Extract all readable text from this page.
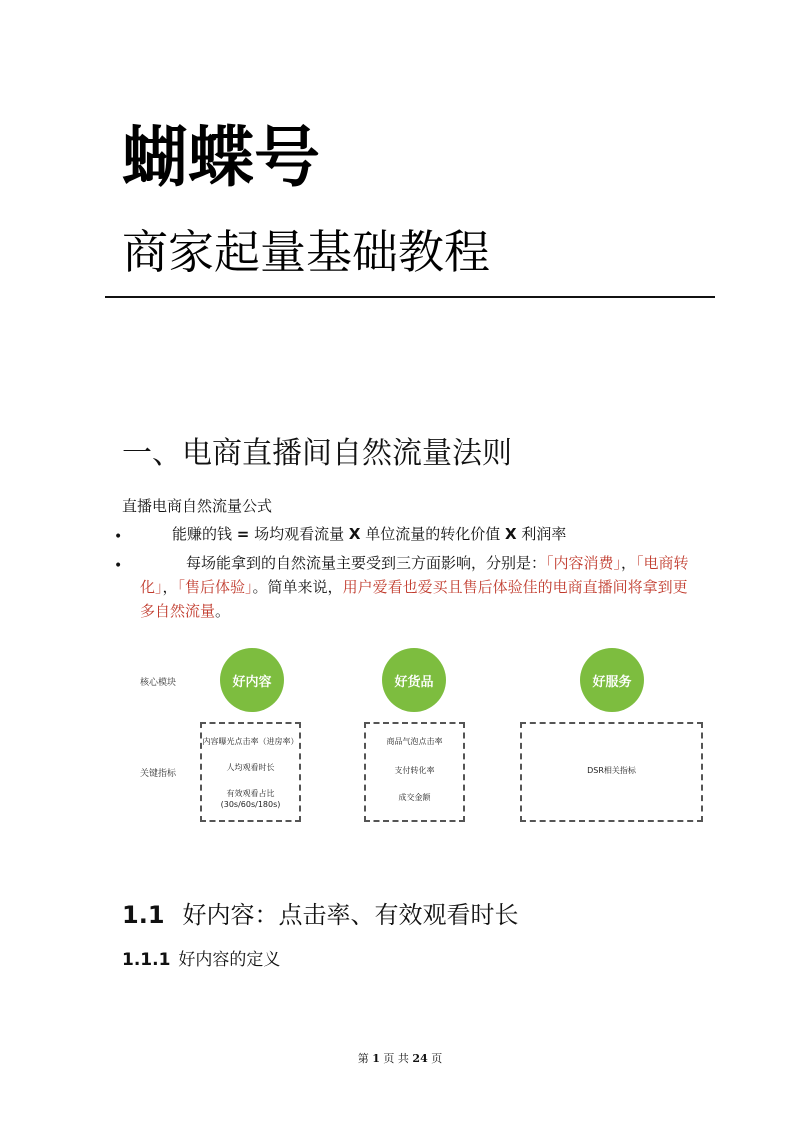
蝴蝶号
商家起量基础教程
一、电商直播间自然流量法则
直播电商自然流量公式
•	能赚的钱 = 场均观看流量 X 单位流量的转化价值 X 利润率
•	每场能拿到的自然流量主要受到三方面影响，分别是：「内容消费」，「电商转化」，「售后体验」。简单来说，用户爱看也爱买且售后体验佳的电商直播间将拿到更多自然流量。
核心模块
关键指标
好内容	好货品	好服务
内容曝光点击率（进房率）
人均观看时长
有效观看占比
(30s/60s/180s)
商品气泡点击率
支付转化率
成交金额
DSR相关指标
1.1 好内容：点击率、有效观看时长
1.1.1 好内容的定义
第 1 页 共 24 页
